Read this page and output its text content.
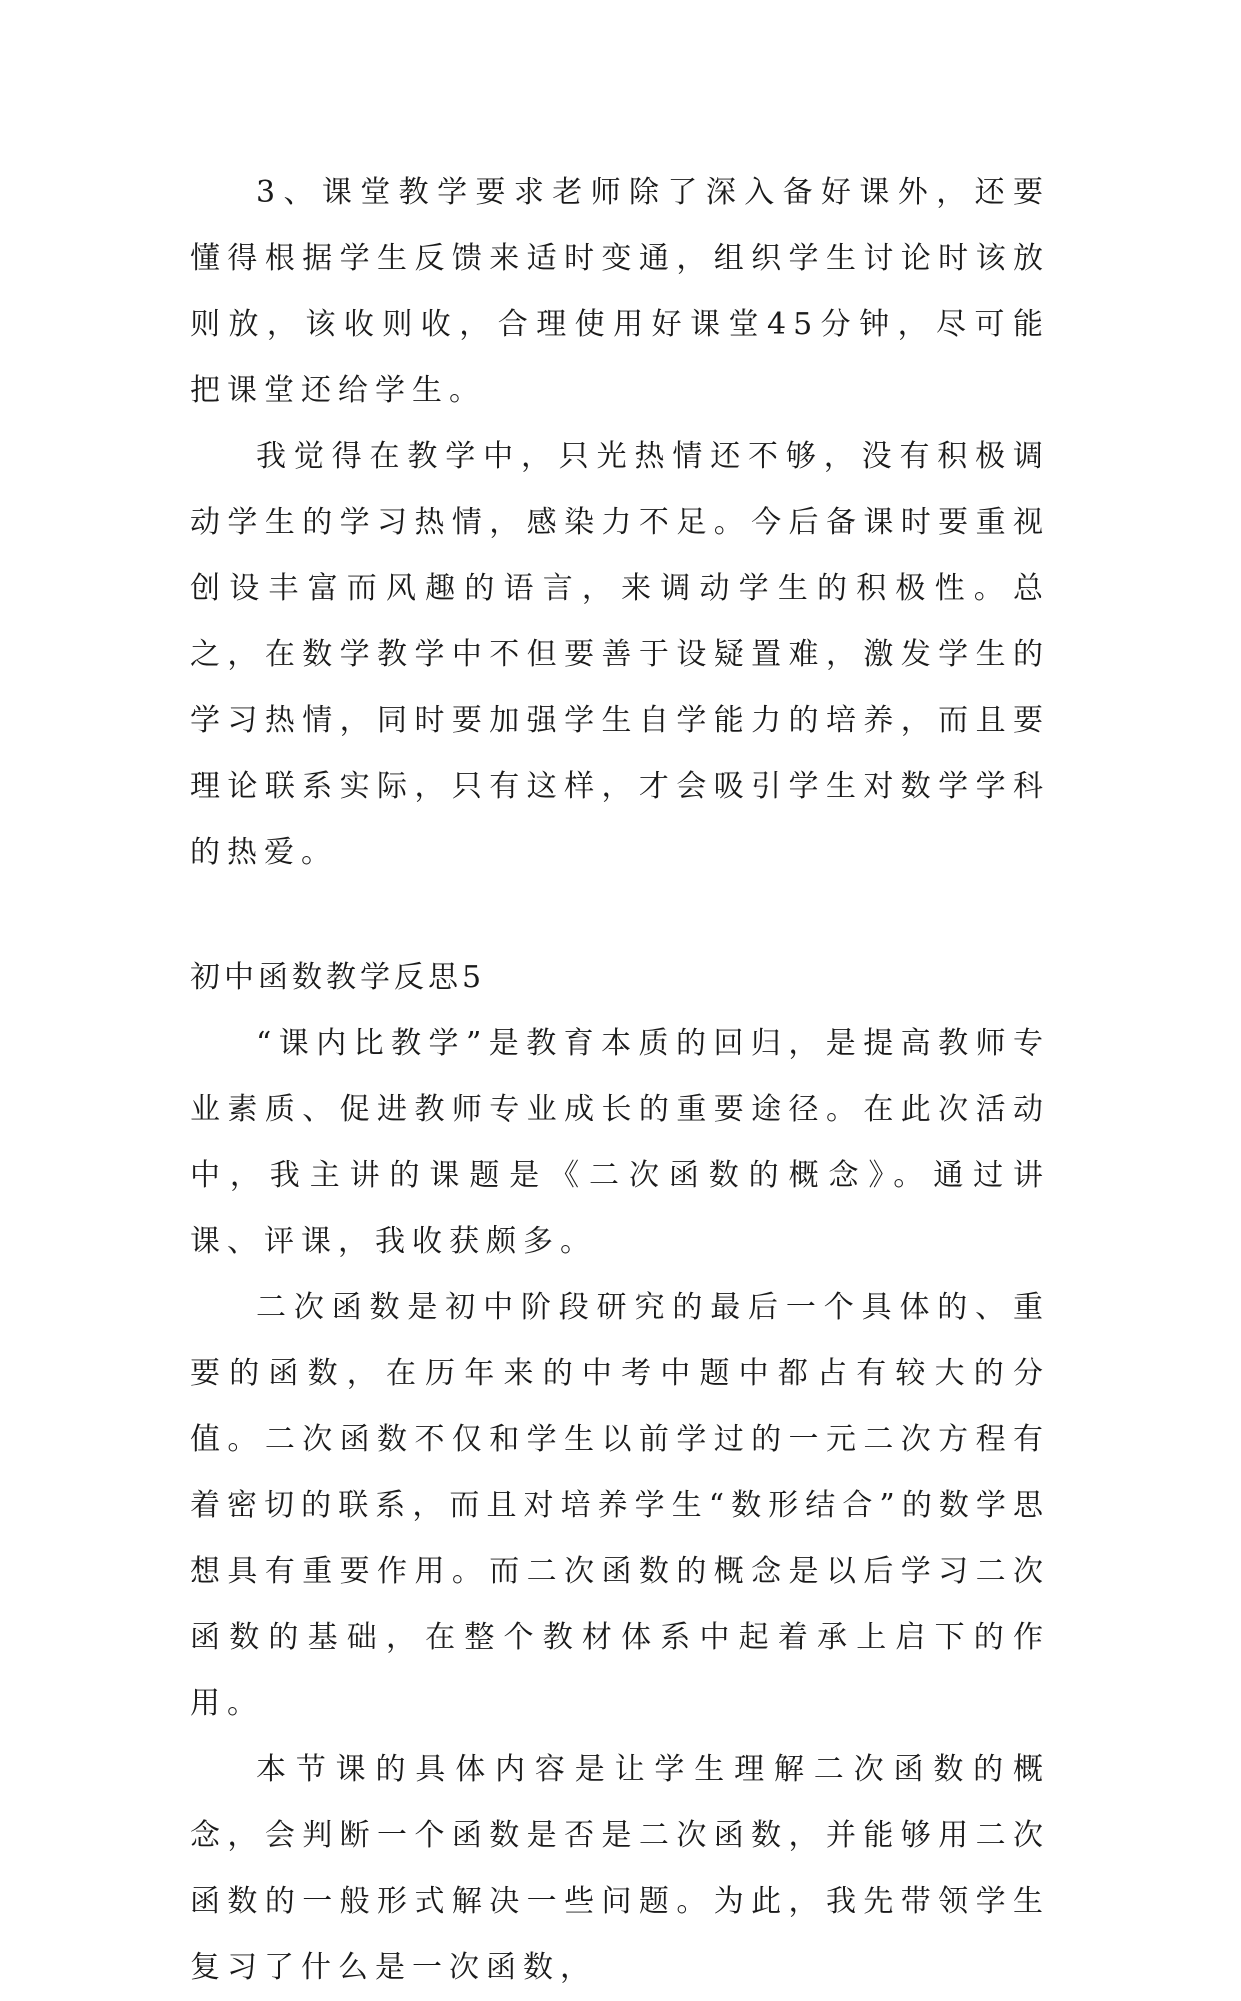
3、课堂教学要求老师除了深入备好课外，还要懂得根据学生反馈来适时变通，组织学生讨论时该放则放，该收则收，合理使用好课堂45分钟，尽可能把课堂还给学生。

我觉得在教学中，只光热情还不够，没有积极调动学生的学习热情，感染力不足。今后备课时要重视创设丰富而风趣的语言，来调动学生的积极性。总之，在数学教学中不但要善于设疑置难，激发学生的学习热情，同时要加强学生自学能力的培养，而且要理论联系实际，只有这样，才会吸引学生对数学学科的热爱。

初中函数教学反思5

“课内比教学”是教育本质的回归，是提高教师专业素质、促进教师专业成长的重要途径。在此次活动中，我主讲的课题是《二次函数的概念》。通过讲课、评课，我收获颇多。

二次函数是初中阶段研究的最后一个具体的、重要的函数，在历年来的中考中题中都占有较大的分值。二次函数不仅和学生以前学过的一元二次方程有着密切的联系，而且对培养学生“数形结合”的数学思想具有重要作用。而二次函数的概念是以后学习二次函数的基础，在整个教材体系中起着承上启下的作用。

本节课的具体内容是让学生理解二次函数的概念，会判断一个函数是否是二次函数，并能够用二次函数的一般形式解决一些问题。为此，我先带领学生复习了什么是一次函数，
